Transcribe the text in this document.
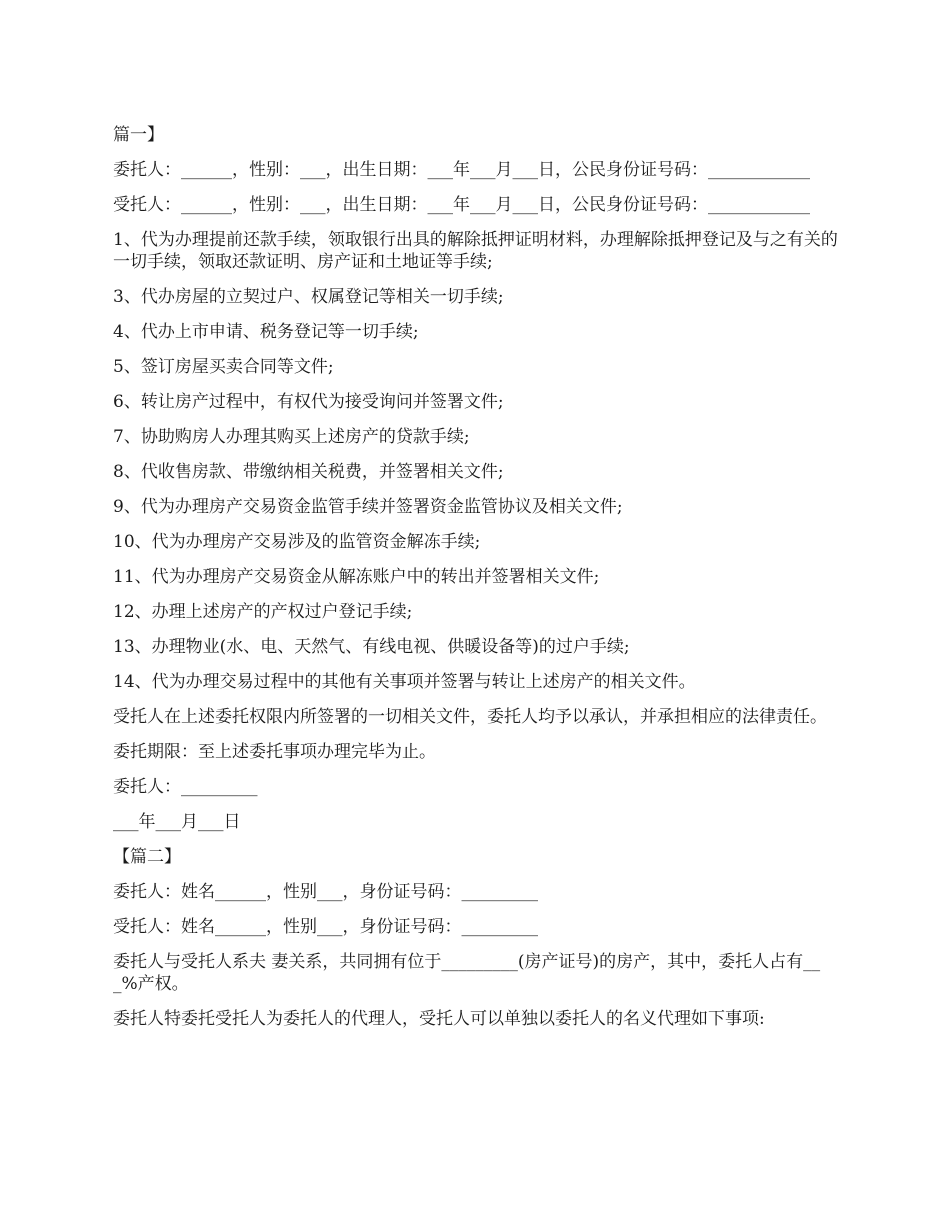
篇一】

委托人：______，性别：___，出生日期：___年___月___日，公民身份证号码：____________

受托人：______，性别：___，出生日期：___年___月___日，公民身份证号码：____________

1、代为办理提前还款手续，领取银行出具的解除抵押证明材料，办理解除抵押登记及与之有关的一切手续，领取还款证明、房产证和土地证等手续;

3、代办房屋的立契过户、权属登记等相关一切手续;

4、代办上市申请、税务登记等一切手续;

5、签订房屋买卖合同等文件;

6、转让房产过程中，有权代为接受询问并签署文件;

7、协助购房人办理其购买上述房产的贷款手续;

8、代收售房款、带缴纳相关税费，并签署相关文件;

9、代为办理房产交易资金监管手续并签署资金监管协议及相关文件;

10、代为办理房产交易涉及的监管资金解冻手续;

11、代为办理房产交易资金从解冻账户中的转出并签署相关文件;

12、办理上述房产的产权过户登记手续;

13、办理物业(水、电、天然气、有线电视、供暖设备等)的过户手续;

14、代为办理交易过程中的其他有关事项并签署与转让上述房产的相关文件。

受托人在上述委托权限内所签署的一切相关文件，委托人均予以承认，并承担相应的法律责任。

委托期限：至上述委托事项办理完毕为止。

委托人：_________

___年___月___日

【篇二】

委托人：姓名______，性别___，身份证号码：_________

受托人：姓名______，性别___，身份证号码：_________

委托人与受托人系夫 妻关系，共同拥有位于_________(房产证号)的房产，其中，委托人占有___%产权。

委托人特委托受托人为委托人的代理人，受托人可以单独以委托人的名义代理如下事项:
